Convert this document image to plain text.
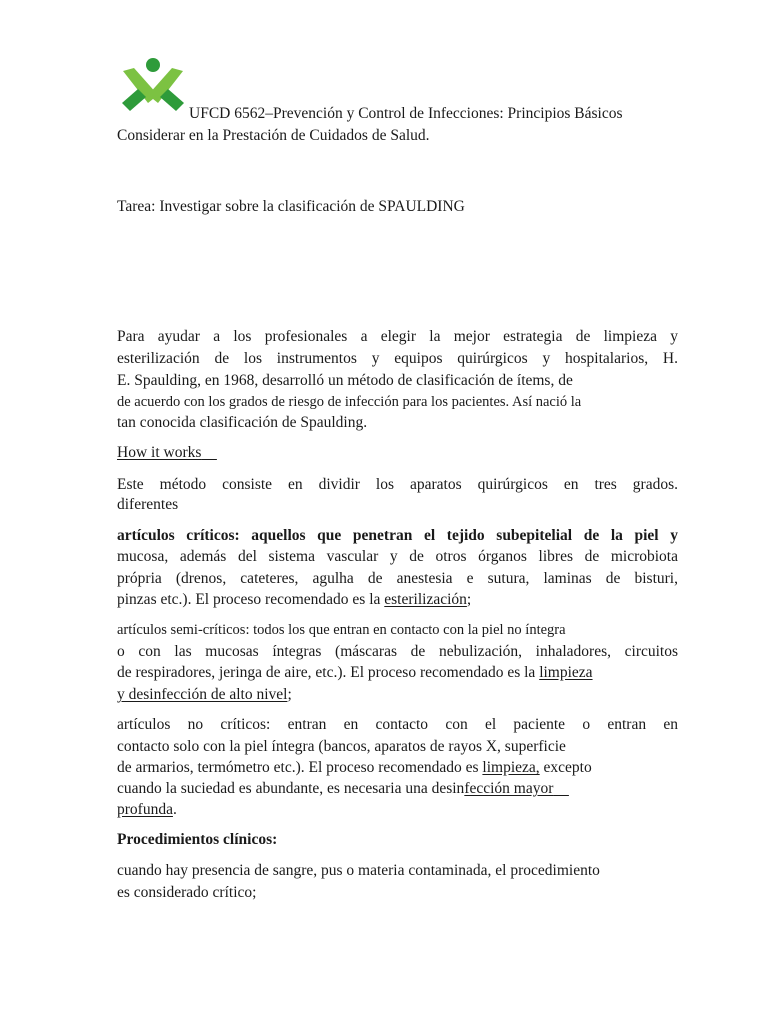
UFCD 6562–Prevención y Control de Infecciones: Principios Básicos
Considerar en la Prestación de Cuidados de Salud.
Tarea: Investigar sobre la clasificación de SPAULDING
Para ayudar a los profesionales a elegir la mejor estrategia de limpieza y
esterilización de los instrumentos y equipos quirúrgicos y hospitalarios, H.
E. Spaulding, en 1968, desarrolló un método de clasificación de ítems, de
de acuerdo con los grados de riesgo de infección para los pacientes. Así nació la
tan conocida clasificación de Spaulding.
How it works
Este método consiste en dividir los aparatos quirúrgicos en tres grados.
diferentes
artículos críticos: aquellos que penetran el tejido subepitelial de la piel y
mucosa, además del sistema vascular y de otros órganos libres de microbiota
própria (drenos, cateteres, agulha de anestesia e sutura, laminas de bisturi,
pinzas etc.). El proceso recomendado es la esterilización;
artículos semi-críticos: todos los que entran en contacto con la piel no íntegra
o con las mucosas íntegras (máscaras de nebulización, inhaladores, circuitos
de respiradores, jeringa de aire, etc.). El proceso recomendado es la limpieza
y desinfección de alto nivel;
artículos no críticos: entran en contacto con el paciente o entran en
contacto solo con la piel íntegra (bancos, aparatos de rayos X, superficie
de armarios, termómetro etc.). El proceso recomendado es limpieza, excepto
cuando la suciedad es abundante, es necesaria una desinfección mayor
profunda.
Procedimientos clínicos:
cuando hay presencia de sangre, pus o materia contaminada, el procedimiento
es considerado crítico;
